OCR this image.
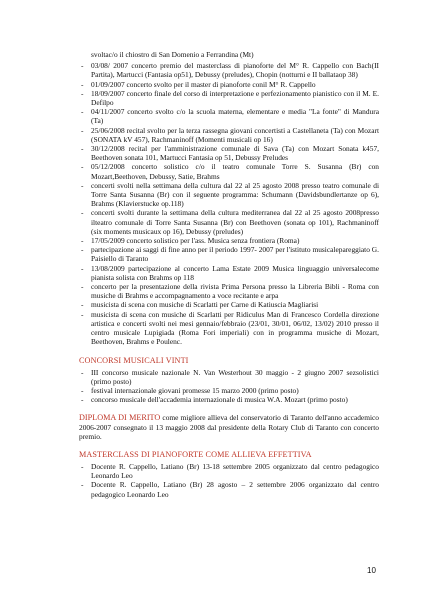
svoltac/o il chiostro di San Domenio a Ferrandina (Mt)
- 03/08/ 2007 concerto premio del masterclass di pianoforte del M° R. Cappello con Bach(II Partita), Martucci (Fantasia op51), Debussy (preludes), Chopin (notturni e II ballataop 38)
- 01/09/2007 concerto svolto per il master di pianoforte conil M° R. Cappello
- 18/09/2007 concerto finale del corso di interpretazione e perfezionamento pianistico con il M. E. Defilpo
- 04/11/2007 concerto svolto c/o la scuola materna, elementare e media "La fonte" di Mandura (Ta)
- 25/06/2008 recital svolto per la terza rassegna giovani concertisti a Castellaneta (Ta) con Mozart (SONATA kV 457), Rachmaninoff (Momenti musicali op 16)
- 30/12/2008 recital per l'amministrazione comunale di Sava (Ta) con Mozart Sonata k457, Beethoven sonata 101, Martucci Fantasia op 51, Debussy Preludes
- 05/12/2008 concerto solistico c/o il teatro comunale Torre S. Susanna (Br) con Mozart,Beethoven, Debussy, Satie, Brahms
- concerti svolti nella settimana della cultura dal 22 al 25 agosto 2008 presso teatro comunale di Torre Santa Susanna (Br) con il seguente programma: Schumann (Davidsbundlertanze op 6), Brahms (Klavierstucke op.118)
- concerti svolti durante la settimana della cultura mediterranea dal 22 al 25 agosto 2008presso ilteatro comunale di Torre Santa Susanna (Br) con Beethoven (sonata op 101), Rachmaninoff (six moments musicaux op 16), Debussy (preludes)
- 17/05/2009 concerto solistico per l'ass. Musica senza frontiera (Roma)
- partecipazione ai saggi di fine anno per il periodo 1997- 2007 per l'istituto musicalepareggiato G. Paisiello di Taranto
- 13/08/2009 partecipazione al concerto Lama Estate 2009 Musica linguaggio universalecome pianista solista con Brahms op 118
- concerto per la presentazione della rivista Prima Persona presso la Libreria Bibli - Roma con musiche di Brahms e accompagnamento a voce recitante e arpa
- musicista di scena con musiche di Scarlatti per Carne di Katiuscia Magliarisi
- musicista di scena con musiche di Scarlatti per Ridiculus Man di Francesco Cordella direzione artistica e concerti svolti nei mesi gennaio/febbraio (23/01, 30/01, 06/02, 13/02) 2010 presso il centro musicale Lupigiada (Roma Fori imperiali) con in programma musiche di Mozart, Beethoven, Brahms e Poulenc.
CONCORSI MUSICALI VINTI
- III concorso musicale nazionale N. Van Westerhout 30 maggio - 2 giugno 2007 sezsolistici (primo posto)
- festival internazionale giovani promesse 15 marzo 2000 (primo posto)
- concorso musicale dell'accademia internazionale di musica W.A. Mozart (primo posto)
DIPLOMA DI MERITO come migliore allieva del conservatorio di Taranto dell'anno accademico 2006-2007 consegnato il 13 maggio 2008 dal presidente della Rotary Club di Taranto con concerto premio.
MASTERCLASS DI PIANOFORTE COME ALLIEVA EFFETTIVA
- Docente R. Cappello, Latiano (Br) 13-18 settembre 2005 organizzato dal centro pedagogico Leonardo Leo
- Docente R. Cappello, Latiano (Br) 28 agosto – 2 settembre 2006 organizzato dal centro pedagogico Leonardo Leo
10
